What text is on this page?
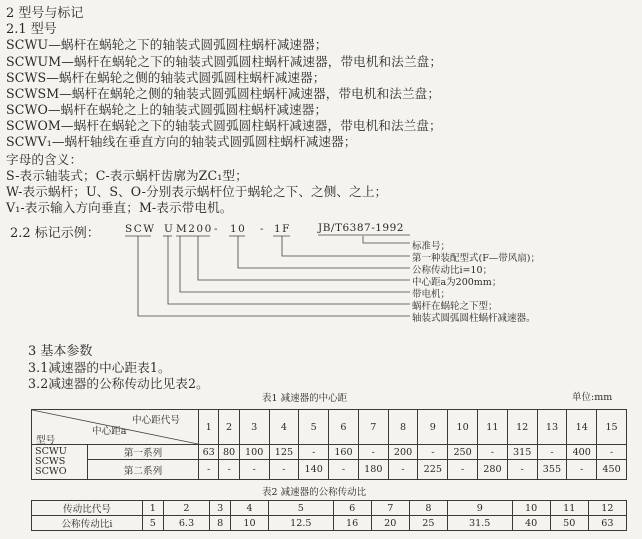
2 型号与标记
2.1 型号
SCWU—蜗杆在蜗轮之下的轴装式圆弧圆柱蜗杆减速器；
SCWUM—蜗杆在蜗轮之下的轴装式圆弧圆柱蜗杆减速器，带电机和法兰盘；
SCWS—蜗杆在蜗轮之侧的轴装式圆弧圆柱蜗杆减速器；
SCWSM—蜗杆在蜗轮之侧的轴装式圆弧圆柱蜗杆减速器，带电机和法兰盘；
SCWO—蜗杆在蜗轮之上的轴装式圆弧圆柱蜗杆减速器；
SCWOM—蜗杆在蜗轮之下的轴装式圆弧圆柱蜗杆减速器，带电机和法兰盘；
SCWV₁—蜗杆轴线在垂直方向的轴装式圆弧圆柱蜗杆减速器；
字母的含义：
S-表示轴装式；C-表示蜗杆齿廓为ZC₁型；
W-表示蜗杆；U、S、O-分别表示蜗杆位于蜗轮之下、之侧、之上；
V₁-表示输入方向垂直；M-表示带电机。
2.2 标记示例： SCW U M200 - 10 - 1F	JB/T6387-1992
标准号；
第一种装配型式(F—带风扇)；
公称传动比i=10；
中心距a为200mm；
带电机；
蜗杆在蜗轮之下型；
轴装式圆弧圆柱蜗杆减速器。
3 基本参数
3.1减速器的中心距表1。
3.2减速器的公称传动比见表2。
表1 减速器的中心距	单位:mm
中心距代号
中心距a
型号		1	2	3	4	5	6	7	8	9	10	11	12	13	14	15

SCWU
SCWS
SCWO	第一系列	63	80	100	125	-	160	-	200	-	250	-	315	-	400	-
	第二系列	-	-	-	-	140	-	180	-	225	-	280	-	355	-	450
表2 减速器的公称传动比
传动比代号	1	2	3	4	5	6	7	8	9	10	11	12
公称传动比i	5	6.3	8	10	12.5	16	20	25	31.5	40	50	63
